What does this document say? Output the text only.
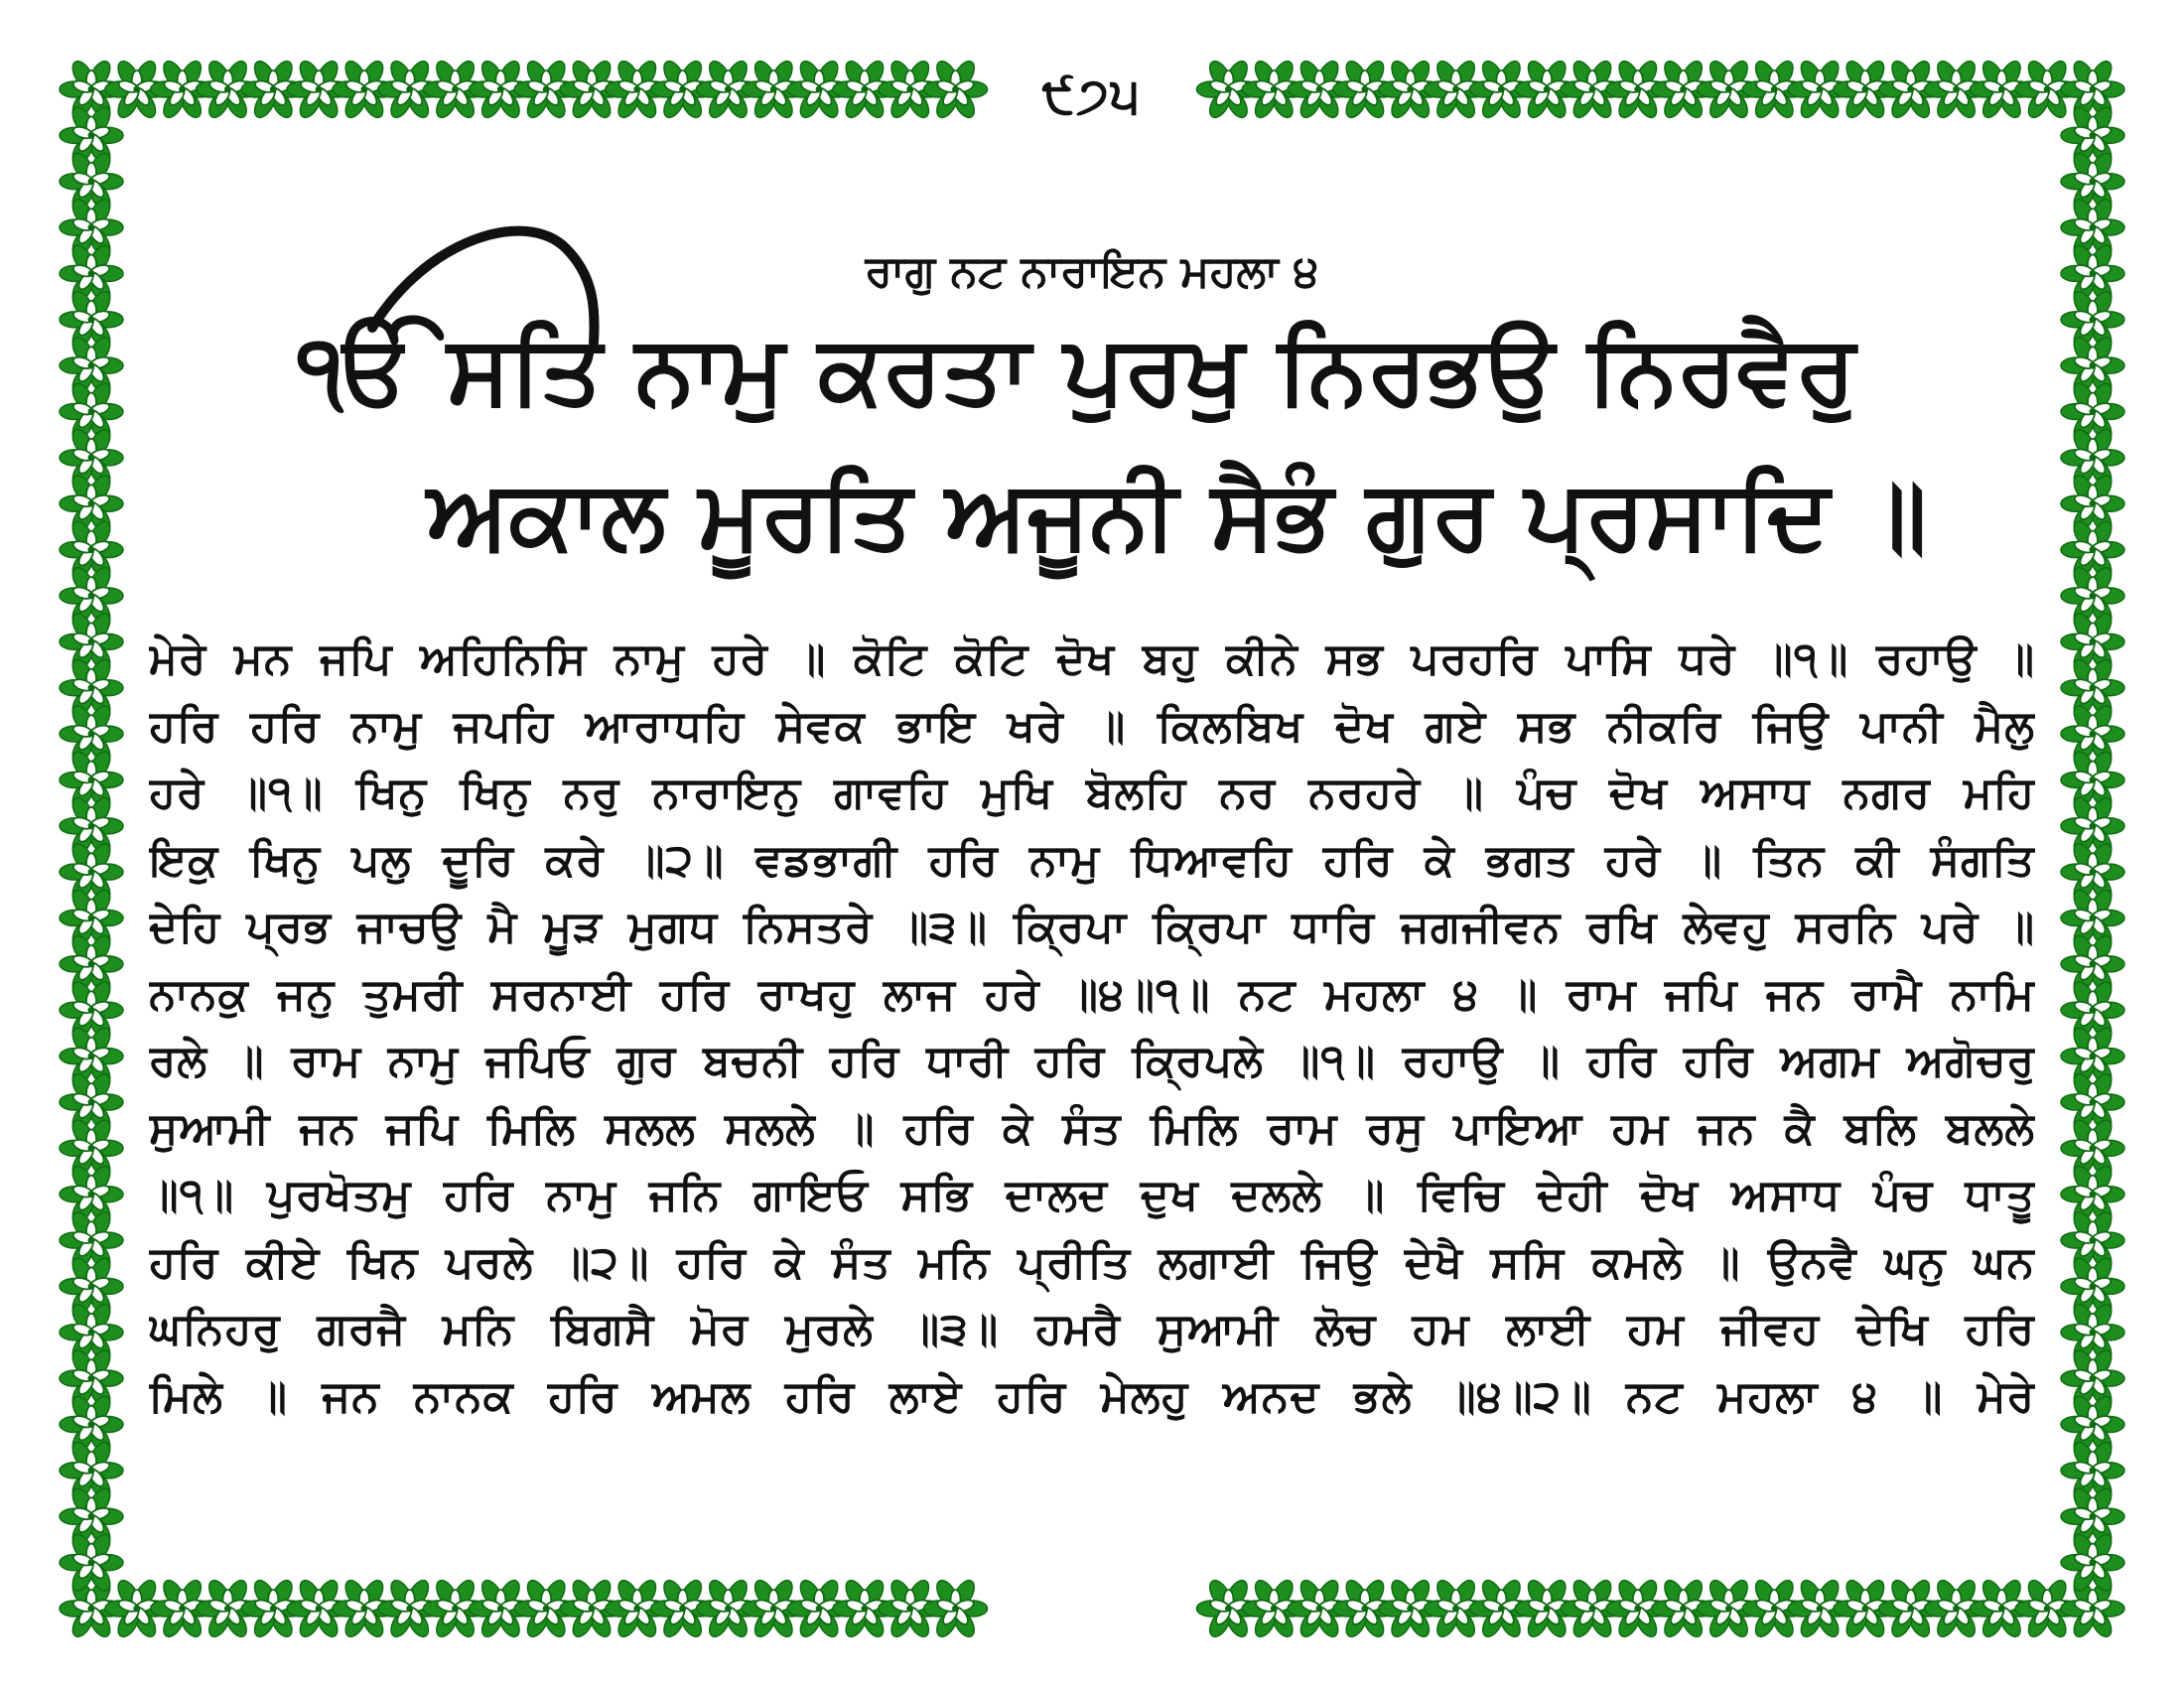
੯੭੫
ਰਾਗੁ ਨਟ ਨਾਰਾਇਨ ਮਹਲਾ ੪
ੴ ਸਤਿ ਨਾਮੁ ਕਰਤਾ ਪੁਰਖੁ ਨਿਰਭਉ ਨਿਰਵੈਰੁ
ਅਕਾਲ ਮੂਰਤਿ ਅਜੂਨੀ ਸੈਭੰ ਗੁਰ ਪ੍ਰਸਾਦਿ ॥
ਮੇਰੇ ਮਨ ਜਪਿ ਅਹਿਨਿਸਿ ਨਾਮੁ ਹਰੇ ॥ ਕੋਟਿ ਕੋਟਿ ਦੋਖ ਬਹੁ ਕੀਨੇ ਸਭ ਪਰਹਰਿ ਪਾਸਿ ਧਰੇ ॥੧॥ ਰਹਾਉ ॥
ਹਰਿ ਹਰਿ ਨਾਮੁ ਜਪਹਿ ਆਰਾਧਹਿ ਸੇਵਕ ਭਾਇ ਖਰੇ ॥ ਕਿਲਬਿਖ ਦੋਖ ਗਏ ਸਭ ਨੀਕਰਿ ਜਿਉ ਪਾਨੀ ਮੈਲੁ
ਹਰੇ ॥੧॥ ਖਿਨੁ ਖਿਨੁ ਨਰੁ ਨਾਰਾਇਨੁ ਗਾਵਹਿ ਮੁਖਿ ਬੋਲਹਿ ਨਰ ਨਰਹਰੇ ॥ ਪੰਚ ਦੋਖ ਅਸਾਧ ਨਗਰ ਮਹਿ
ਇਕੁ ਖਿਨੁ ਪਲੁ ਦੂਰਿ ਕਰੇ ॥੨॥ ਵਡਭਾਗੀ ਹਰਿ ਨਾਮੁ ਧਿਆਵਹਿ ਹਰਿ ਕੇ ਭਗਤ ਹਰੇ ॥ ਤਿਨ ਕੀ ਸੰਗਤਿ
ਦੇਹਿ ਪ੍ਰਭ ਜਾਚਉ ਮੈ ਮੂੜ ਮੁਗਧ ਨਿਸਤਰੇ ॥੩॥ ਕ੍ਰਿਪਾ ਕ੍ਰਿਪਾ ਧਾਰਿ ਜਗਜੀਵਨ ਰਖਿ ਲੇਵਹੁ ਸਰਨਿ ਪਰੇ ॥
ਨਾਨਕੁ ਜਨੁ ਤੁਮਰੀ ਸਰਨਾਈ ਹਰਿ ਰਾਖਹੁ ਲਾਜ ਹਰੇ ॥੪॥੧॥ ਨਟ ਮਹਲਾ ੪ ॥ ਰਾਮ ਜਪਿ ਜਨ ਰਾਮੈ ਨਾਮਿ
ਰਲੇ ॥ ਰਾਮ ਨਾਮੁ ਜਪਿਓ ਗੁਰ ਬਚਨੀ ਹਰਿ ਧਾਰੀ ਹਰਿ ਕ੍ਰਿਪਲੇ ॥੧॥ ਰਹਾਉ ॥ ਹਰਿ ਹਰਿ ਅਗਮ ਅਗੋਚਰੁ
ਸੁਆਮੀ ਜਨ ਜਪਿ ਮਿਲਿ ਸਲਲ ਸਲਲੇ ॥ ਹਰਿ ਕੇ ਸੰਤ ਮਿਲਿ ਰਾਮ ਰਸੁ ਪਾਇਆ ਹਮ ਜਨ ਕੈ ਬਲਿ ਬਲਲੇ
॥੧॥ ਪੁਰਖੋਤਮੁ ਹਰਿ ਨਾਮੁ ਜਨਿ ਗਾਇਓ ਸਭਿ ਦਾਲਦ ਦੁਖ ਦਲਲੇ ॥ ਵਿਚਿ ਦੇਹੀ ਦੋਖ ਅਸਾਧ ਪੰਚ ਧਾਤੂ
ਹਰਿ ਕੀਏ ਖਿਨ ਪਰਲੇ ॥੨॥ ਹਰਿ ਕੇ ਸੰਤ ਮਨਿ ਪ੍ਰੀਤਿ ਲਗਾਈ ਜਿਉ ਦੇਖੈ ਸਸਿ ਕਮਲੇ ॥ ਉਨਵੈ ਘਨੁ ਘਨ
ਘਨਿਹਰੁ ਗਰਜੈ ਮਨਿ ਬਿਗਸੈ ਮੋਰ ਮੁਰਲੇ ॥੩॥ ਹਮਰੈ ਸੁਆਮੀ ਲੋਚ ਹਮ ਲਾਈ ਹਮ ਜੀਵਹ ਦੇਖਿ ਹਰਿ
ਮਿਲੇ ॥ ਜਨ ਨਾਨਕ ਹਰਿ ਅਮਲ ਹਰਿ ਲਾਏ ਹਰਿ ਮੇਲਹੁ ਅਨਦ ਭਲੇ ॥੪॥੨॥ ਨਟ ਮਹਲਾ ੪ ॥ ਮੇਰੇ
